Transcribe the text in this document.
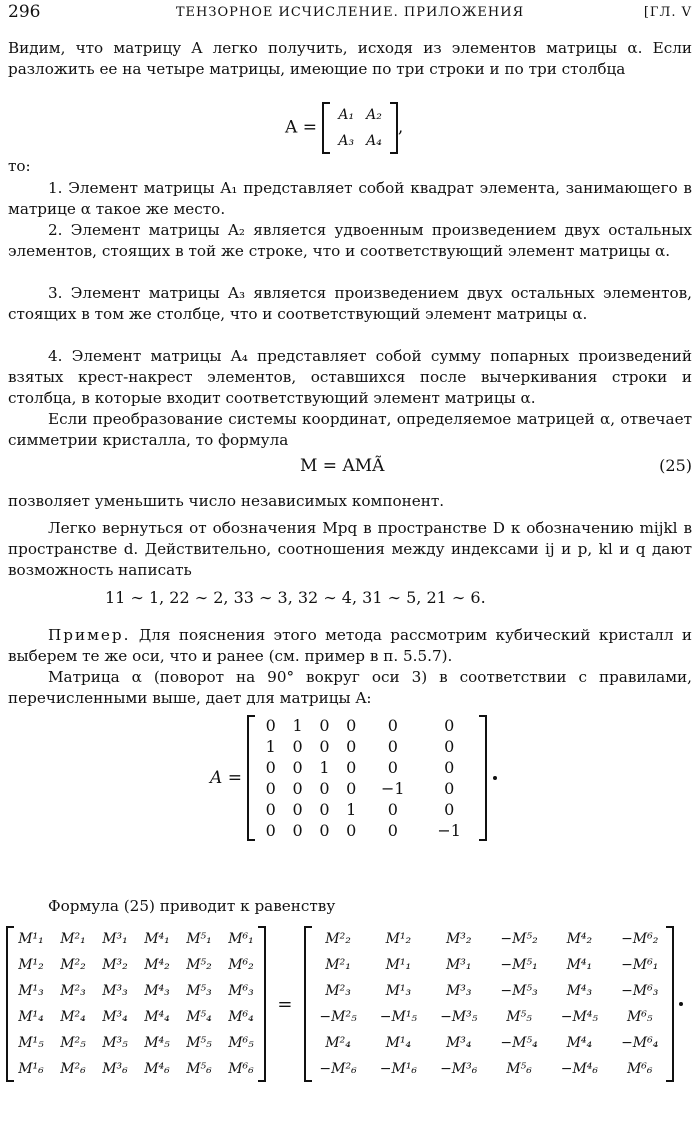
296	ТЕНЗОРНОЕ ИСЧИСЛЕНИЕ. ПРИЛОЖЕНИЯ	[ГЛ. V
Видим, что матрицу A легко получить, исходя из элементов матрицы α. Если разложить ее на четыре матрицы, имеющие по три строки и по три столбца
A =
A₁	A₂
A₃	A₄
,
то:
1. Элемент матрицы A₁ представляет собой квадрат элемента, занимающего в матрице α такое же место.
2. Элемент матрицы A₂ является удвоенным произведением двух остальных элементов, стоящих в той же строке, что и соответствующий элемент матрицы α.
3. Элемент матрицы A₃ является произведением двух остальных элементов, стоящих в том же столбце, что и соответствующий элемент матрицы α.
4. Элемент матрицы A₄ представляет собой сумму попарных произведений взятых крест-накрест элементов, оставшихся после вычеркивания строки и столбца, в которые входит соответствующий элемент матрицы α.
Если преобразование системы координат, определяемое матрицей α, отвечает симметрии кристалла, то формула
M = AMÃ	(25)
позволяет уменьшить число независимых компонент.
Легко вернуться от обозначения Mpq в пространстве D к обозначению mijkl в пространстве d. Действительно, соотношения между индексами ij и p, kl и q дают возможность написать
11 ∼ 1, 22 ∼ 2, 33 ∼ 3, 32 ∼ 4, 31 ∼ 5, 21 ∼ 6.
Пример. Для пояснения этого метода рассмотрим кубический кристалл и выберем те же оси, что и ранее (см. пример в п. 5.5.7).
Матрица α (поворот на 90° вокруг оси 3) в соответствии с правилами, перечисленными выше, дает для матрицы A:
A =
0	1	0	0	0	0
1	0	0	0	0	0
0	0	1	0	0	0
0	0	0	0	−1	0
0	0	0	1	0	0
0	0	0	0	0	−1

Формула (25) приводит к равенству
M¹₁	M²₁	M³₁	M⁴₁	M⁵₁	M⁶₁
M¹₂	M²₂	M³₂	M⁴₂	M⁵₂	M⁶₂
M¹₃	M²₃	M³₃	M⁴₃	M⁵₃	M⁶₃
M¹₄	M²₄	M³₄	M⁴₄	M⁵₄	M⁶₄
M¹₅	M²₅	M³₅	M⁴₅	M⁵₅	M⁶₅
M¹₆	M²₆	M³₆	M⁴₆	M⁵₆	M⁶₆
=
M²₂	M¹₂	M³₂	−M⁵₂	M⁴₂	−M⁶₂
M²₁	M¹₁	M³₁	−M⁵₁	M⁴₁	−M⁶₁
M²₃	M¹₃	M³₃	−M⁵₃	M⁴₃	−M⁶₃
−M²₅	−M¹₅	−M³₅	M⁵₅	−M⁴₅	M⁶₅
M²₄	M¹₄	M³₄	−M⁵₄	M⁴₄	−M⁶₄
−M²₆	−M¹₆	−M³₆	M⁵₆	−M⁴₆	M⁶₆
